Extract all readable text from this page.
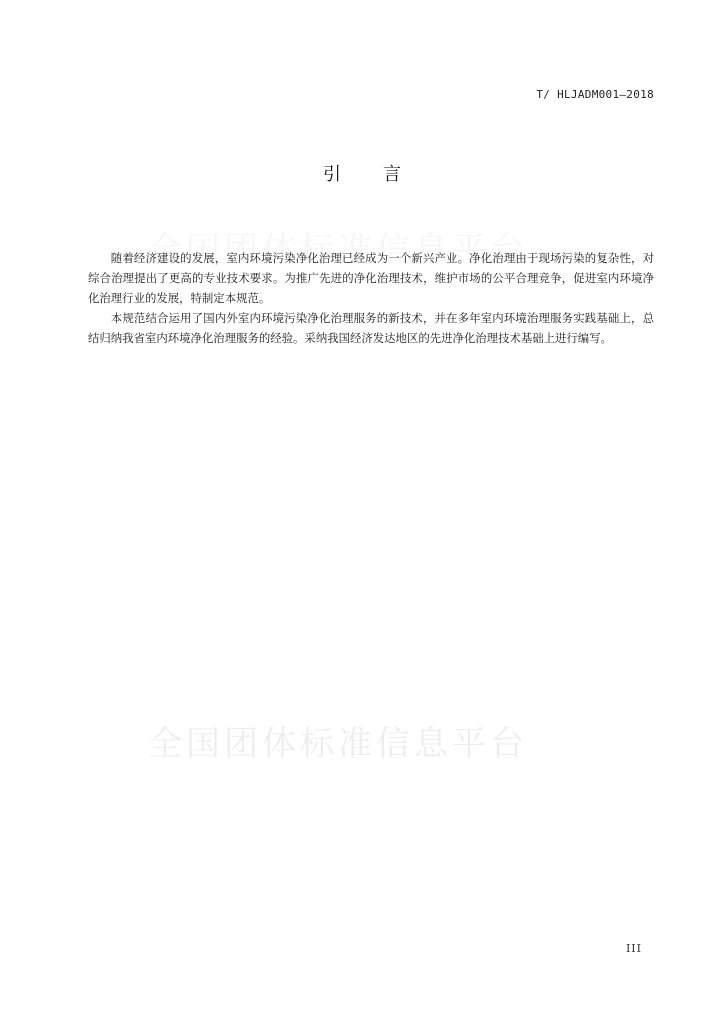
T/ HLJADM001—2018
引言

随着经济建设的发展，室内环境污染净化治理已经成为一个新兴产业。净化治理由于现场污染的复杂性，对综合治理提出了更高的专业技术要求。为推广先进的净化治理技术，维护市场的公平合理竞争，促进室内环境净化治理行业的发展，特制定本规范。

本规范结合运用了国内外室内环境污染净化治理服务的新技术，并在多年室内环境治理服务实践基础上，总结归纳我省室内环境净化治理服务的经验。采纳我国经济发达地区的先进净化治理技术基础上进行编写。

全国团体标准信息平台
III
